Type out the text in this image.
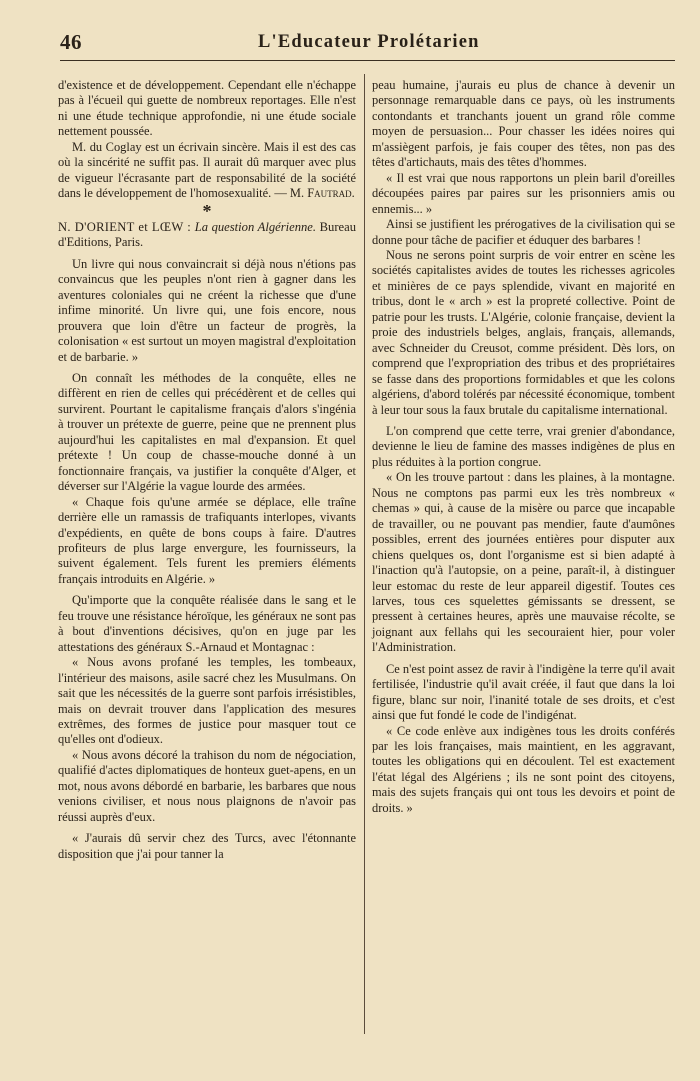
46	L'Educateur Prolétarien

d'existence et de développement. Cependant elle n'échappe pas à l'écueil qui guette de nombreux reportages. Elle n'est ni une étude technique approfondie, ni une étude sociale nettement poussée.

M. du Coglay est un écrivain sincère. Mais il est des cas où la sincérité ne suffit pas. Il aurait dû marquer avec plus de vigueur l'écrasante part de responsabilité de la société dans le développement de l'homosexualité. — M. Fautrad.

*

N. D'ORIENT et LŒW : La question Algérienne. Bureau d'Editions, Paris.

Un livre qui nous convaincrait si déjà nous n'étions pas convaincus que les peuples n'ont rien à gagner dans les aventures coloniales qui ne créent la richesse que d'une infime minorité. Un livre qui, une fois encore, nous prouvera que loin d'être un facteur de progrès, la colonisation « est surtout un moyen magistral d'exploitation et de barbarie. »

On connaît les méthodes de la conquête, elles ne diffèrent en rien de celles qui précédèrent et de celles qui survirent. Pourtant le capitalisme français d'alors s'ingénia à trouver un prétexte de guerre, peine que ne prennent plus aujourd'hui les capitalistes en mal d'expansion. Et quel prétexte ! Un coup de chasse-mouche donné à un fonctionnaire français, va justifier la conquête d'Alger, et déverser sur l'Algérie la vague lourde des armées.

« Chaque fois qu'une armée se déplace, elle traîne derrière elle un ramassis de trafiquants interlopes, vivants d'expédients, en quête de bons coups à faire. D'autres profiteurs de plus large envergure, les fournisseurs, la suivent également. Tels furent les premiers éléments français introduits en Algérie. »

Qu'importe que la conquête réalisée dans le sang et le feu trouve une résistance héroïque, les généraux ne sont pas à bout d'inventions décisives, qu'on en juge par les attestations des généraux S.-Arnaud et Montagnac :

« Nous avons profané les temples, les tombeaux, l'intérieur des maisons, asile sacré chez les Musulmans. On sait que les nécessités de la guerre sont parfois irrésistibles, mais on devrait trouver dans l'application des mesures extrêmes, des formes de justice pour masquer tout ce qu'elles ont d'odieux.

« Nous avons décoré la trahison du nom de négociation, qualifié d'actes diplomatiques de honteux guet-apens, en un mot, nous avons débordé en barbarie, les barbares que nous venions civiliser, et nous nous plaignons de n'avoir pas réussi auprès d'eux.

« J'aurais dû servir chez des Turcs, avec l'étonnante disposition que j'ai pour tanner la

peau humaine, j'aurais eu plus de chance à devenir un personnage remarquable dans ce pays, où les instruments contondants et tranchants jouent un grand rôle comme moyen de persuasion... Pour chasser les idées noires qui m'assiègent parfois, je fais couper des têtes, non pas des têtes d'artichauts, mais des têtes d'hommes.

« Il est vrai que nous rapportons un plein baril d'oreilles découpées paires par paires sur les prisonniers amis ou ennemis... »

Ainsi se justifient les prérogatives de la civilisation qui se donne pour tâche de pacifier et éduquer des barbares !

Nous ne serons point surpris de voir entrer en scène les sociétés capitalistes avides de toutes les richesses agricoles et minières de ce pays splendide, vivant en majorité en tribus, dont le « arch » est la propreté collective. Point de patrie pour les trusts. L'Algérie, colonie française, devient la proie des industriels belges, anglais, français, allemands, avec Schneider du Creusot, comme président. Dès lors, on comprend que l'expropriation des tribus et des propriétaires se fasse dans des proportions formidables et que les colons algériens, d'abord tolérés par nécessité économique, tombent à leur tour sous la faux brutale du capitalisme international.

L'on comprend que cette terre, vrai grenier d'abondance, devienne le lieu de famine des masses indigènes de plus en plus réduites à la portion congrue.

« On les trouve partout : dans les plaines, à la montagne. Nous ne comptons pas parmi eux les très nombreux « chemas » qui, à cause de la misère ou parce que incapable de travailler, ou ne pouvant pas mendier, faute d'aumônes possibles, errent des journées entières pour disputer aux chiens quelques os, dont l'organisme est si bien adapté à l'inaction qu'à l'autopsie, on a peine, paraît-il, à distinguer leur estomac du reste de leur appareil digestif. Toutes ces larves, tous ces squelettes gémissants se dressent, se pressent à certaines heures, après une mauvaise récolte, se joignant aux fellahs qui les secouraient hier, pour voler l'Administration.

Ce n'est point assez de ravir à l'indigène la terre qu'il avait fertilisée, l'industrie qu'il avait créée, il faut que dans la loi figure, blanc sur noir, l'inanité totale de ses droits, et c'est ainsi que fut fondé le code de l'indigénat.

« Ce code enlève aux indigènes tous les droits conférés par les lois françaises, mais maintient, en les aggravant, toutes les obligations qui en découlent. Tel est exactement l'état légal des Algériens ; ils ne sont point des citoyens, mais des sujets français qui ont tous les devoirs et point de droits. »
